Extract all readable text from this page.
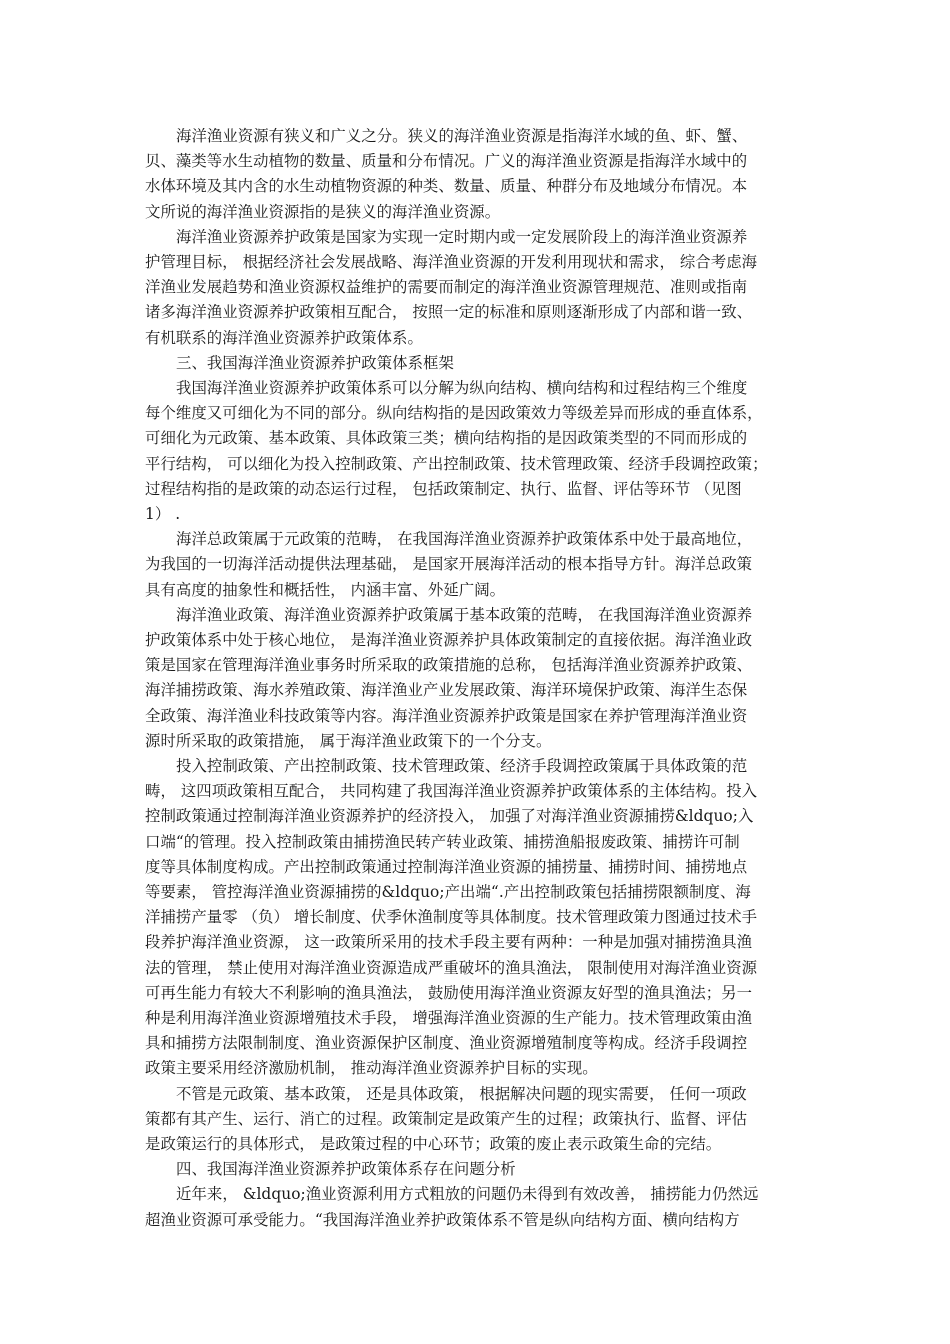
海洋渔业资源有狭义和广义之分。狭义的海洋渔业资源是指海洋水域的鱼、虾、蟹、
贝、藻类等水生动植物的数量、质量和分布情况。广义的海洋渔业资源是指海洋水域中的
水体环境及其内含的水生动植物资源的种类、数量、质量、种群分布及地域分布情况。本
文所说的海洋渔业资源指的是狭义的海洋渔业资源。
海洋渔业资源养护政策是国家为实现一定时期内或一定发展阶段上的海洋渔业资源养
护管理目标， 根据经济社会发展战略、海洋渔业资源的开发利用现状和需求， 综合考虑海
洋渔业发展趋势和渔业资源权益维护的需要而制定的海洋渔业资源管理规范、准则或指南
诸多海洋渔业资源养护政策相互配合， 按照一定的标准和原则逐渐形成了内部和谐一致、
有机联系的海洋渔业资源养护政策体系。
三、我国海洋渔业资源养护政策体系框架
我国海洋渔业资源养护政策体系可以分解为纵向结构、横向结构和过程结构三个维度
每个维度又可细化为不同的部分。纵向结构指的是因政策效力等级差异而形成的垂直体系，
可细化为元政策、基本政策、具体政策三类；横向结构指的是因政策类型的不同而形成的
平行结构， 可以细化为投入控制政策、产出控制政策、技术管理政策、经济手段调控政策；
过程结构指的是政策的动态运行过程， 包括政策制定、执行、监督、评估等环节 （见图
1） .
海洋总政策属于元政策的范畴， 在我国海洋渔业资源养护政策体系中处于最高地位，
为我国的一切海洋活动提供法理基础， 是国家开展海洋活动的根本指导方针。海洋总政策
具有高度的抽象性和概括性， 内涵丰富、外延广阔。
海洋渔业政策、海洋渔业资源养护政策属于基本政策的范畴， 在我国海洋渔业资源养
护政策体系中处于核心地位， 是海洋渔业资源养护具体政策制定的直接依据。海洋渔业政
策是国家在管理海洋渔业事务时所采取的政策措施的总称， 包括海洋渔业资源养护政策、
海洋捕捞政策、海水养殖政策、海洋渔业产业发展政策、海洋环境保护政策、海洋生态保
全政策、海洋渔业科技政策等内容。海洋渔业资源养护政策是国家在养护管理海洋渔业资
源时所采取的政策措施， 属于海洋渔业政策下的一个分支。
投入控制政策、产出控制政策、技术管理政策、经济手段调控政策属于具体政策的范
畴， 这四项政策相互配合， 共同构建了我国海洋渔业资源养护政策体系的主体结构。投入
控制政策通过控制海洋渔业资源养护的经济投入， 加强了对海洋渔业资源捕捞&ldquo;入
口端“的管理。投入控制政策由捕捞渔民转产转业政策、捕捞渔船报废政策、捕捞许可制
度等具体制度构成。产出控制政策通过控制海洋渔业资源的捕捞量、捕捞时间、捕捞地点
等要素， 管控海洋渔业资源捕捞的&ldquo;产出端“.产出控制政策包括捕捞限额制度、海
洋捕捞产量零 （负） 增长制度、伏季休渔制度等具体制度。技术管理政策力图通过技术手
段养护海洋渔业资源， 这一政策所采用的技术手段主要有两种：一种是加强对捕捞渔具渔
法的管理， 禁止使用对海洋渔业资源造成严重破坏的渔具渔法， 限制使用对海洋渔业资源
可再生能力有较大不利影响的渔具渔法， 鼓励使用海洋渔业资源友好型的渔具渔法；另一
种是利用海洋渔业资源增殖技术手段， 增强海洋渔业资源的生产能力。技术管理政策由渔
具和捕捞方法限制制度、渔业资源保护区制度、渔业资源增殖制度等构成。经济手段调控
政策主要采用经济激励机制， 推动海洋渔业资源养护目标的实现。
不管是元政策、基本政策， 还是具体政策， 根据解决问题的现实需要， 任何一项政
策都有其产生、运行、消亡的过程。政策制定是政策产生的过程；政策执行、监督、评估
是政策运行的具体形式， 是政策过程的中心环节；政策的废止表示政策生命的完结。
四、我国海洋渔业资源养护政策体系存在问题分析
近年来， &ldquo;渔业资源利用方式粗放的问题仍未得到有效改善， 捕捞能力仍然远
超渔业资源可承受能力。“我国海洋渔业养护政策体系不管是纵向结构方面、横向结构方
